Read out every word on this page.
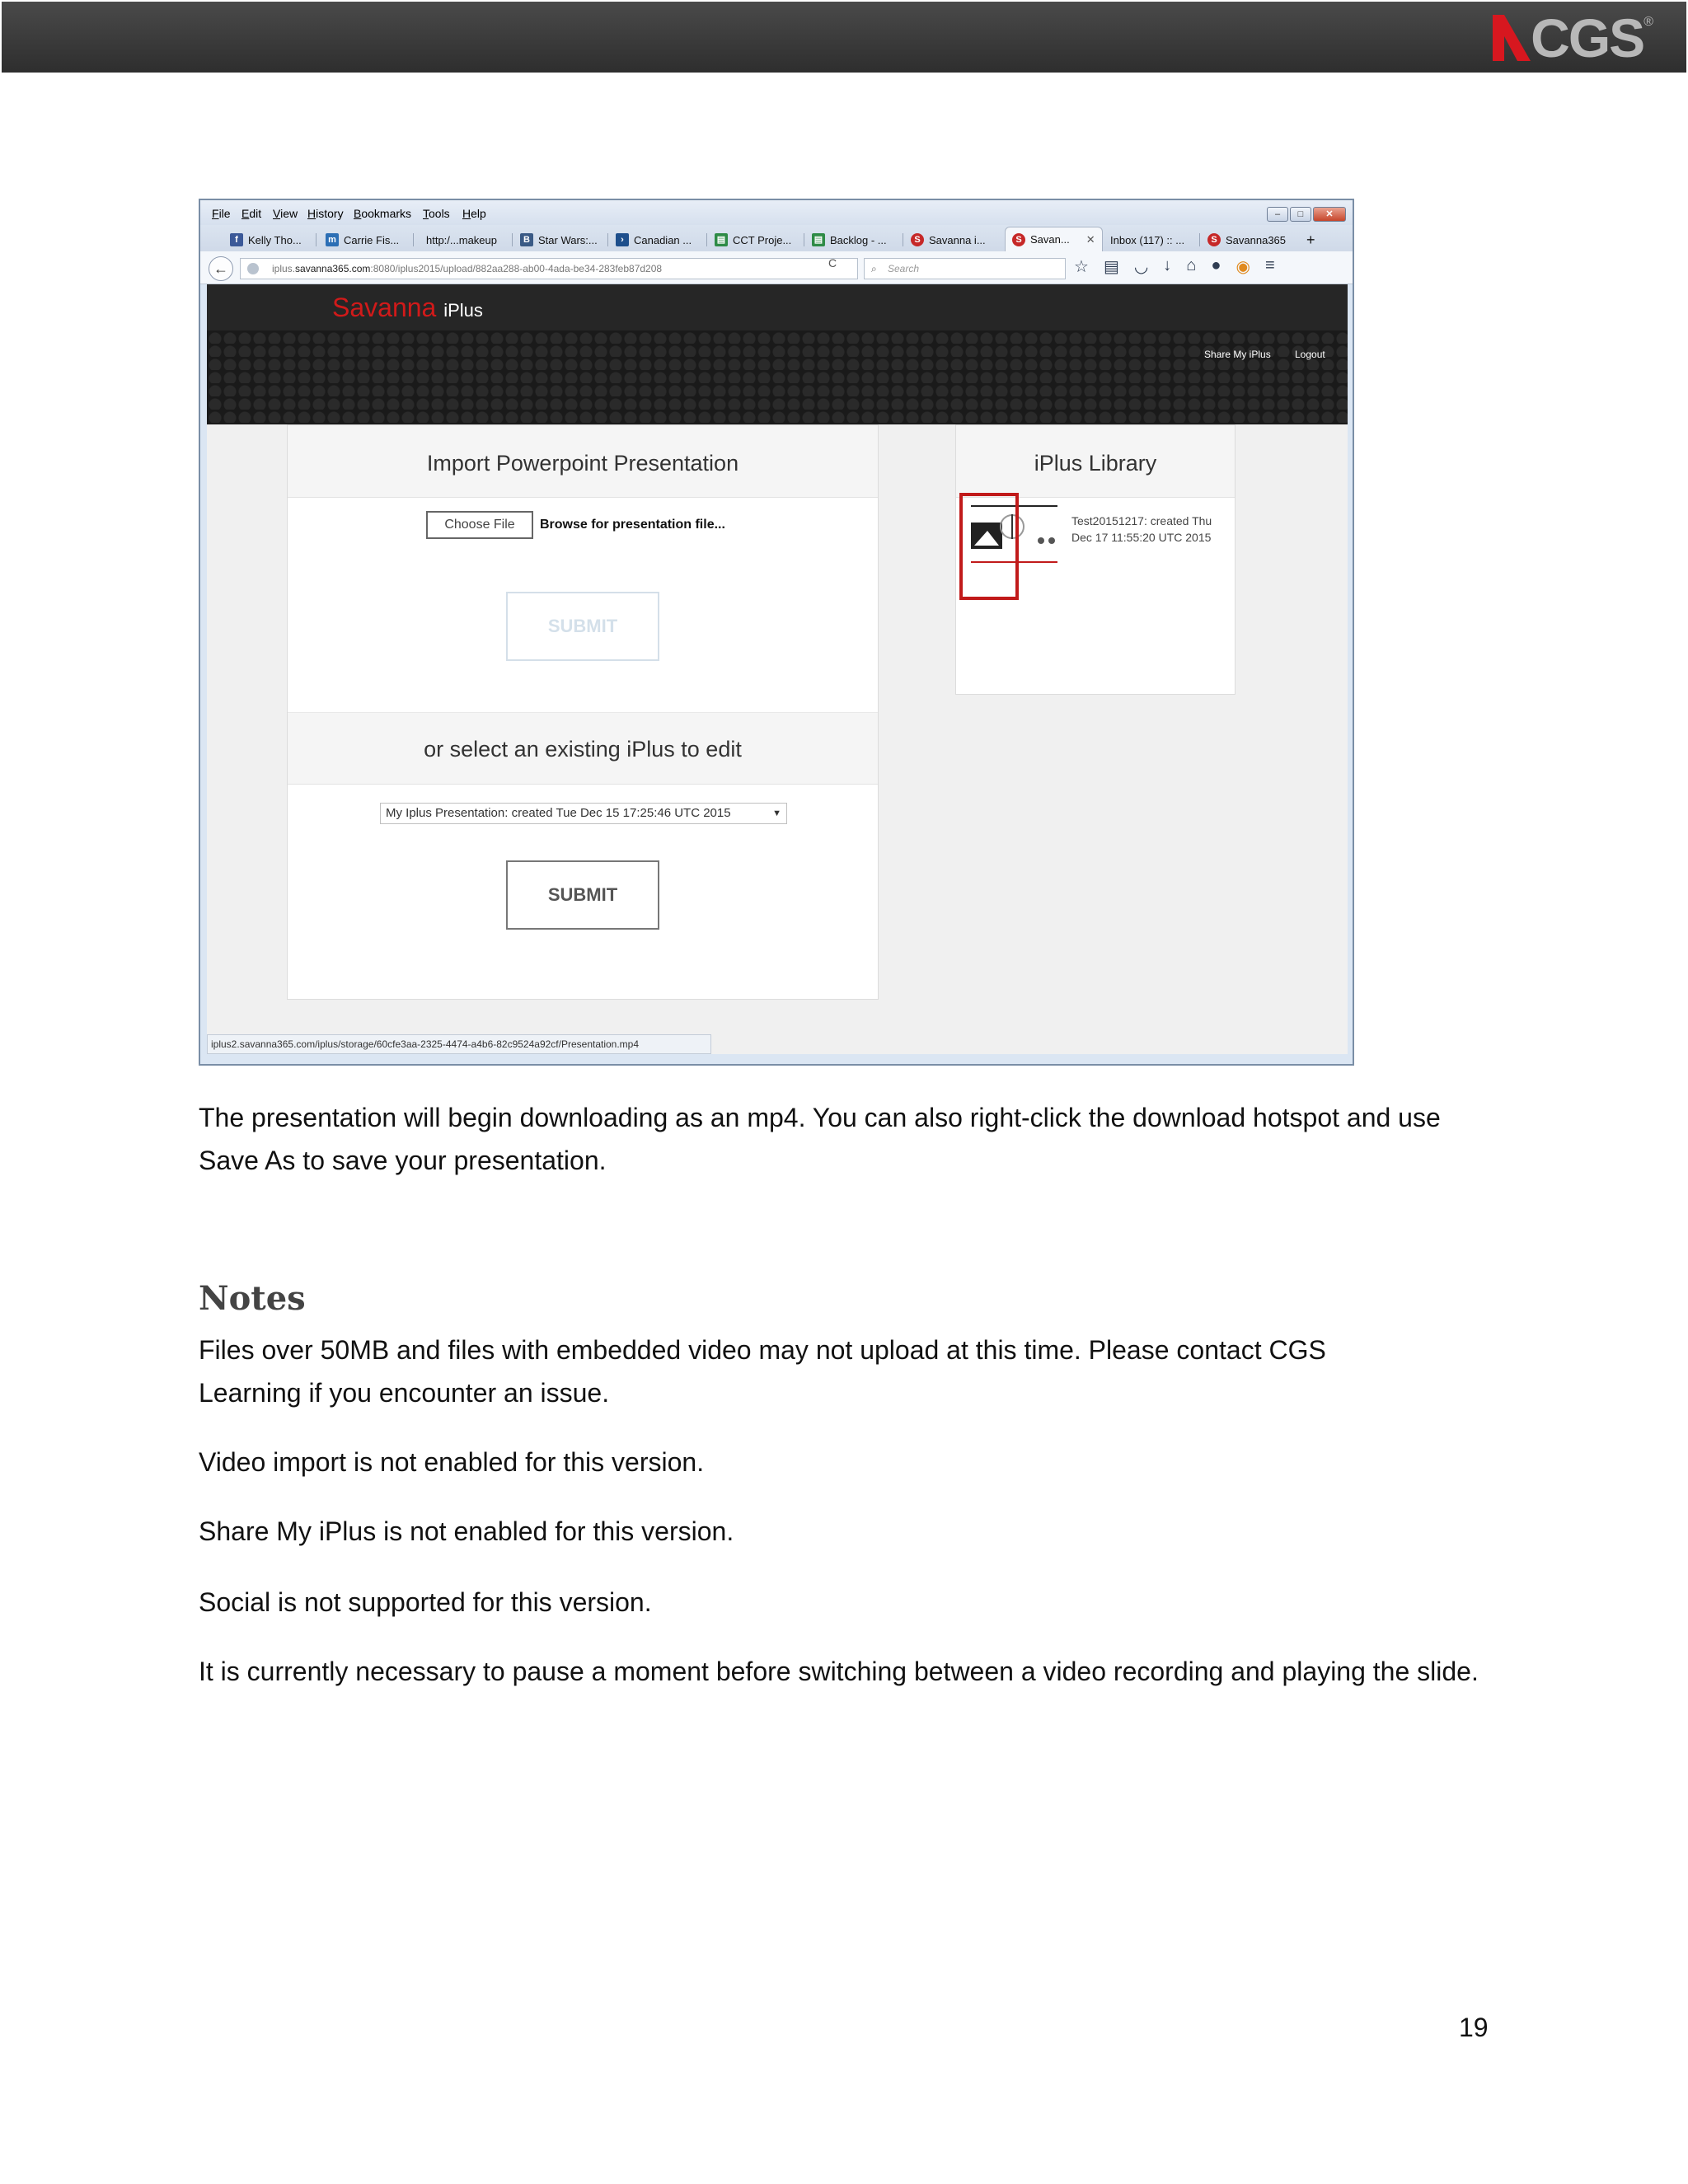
CGS ®
File Edit View History Bookmarks Tools Help	–	□	✕
f Kelly Tho...	m Carrie Fis...	http:/...makeup	B Star Wars:...	› Canadian ...	▤ CCT Proje...	▤ Backlog - ...	S Savanna i...	S Savan... ✕ Inbox (117) :: ...	S Savanna365 +
←	iplus.savanna365.com:8080/iplus2015/upload/882aa288-ab00-4ada-be34-283feb87d208	C	⌕ Search	☆ ▤ ◡ ↓ ⌂ ● ◉ ≡
Savanna iPlus
Share My iPlus Logout
Import Powerpoint Presentation
Choose File	Browse for presentation file...
SUBMIT
or select an existing iPlus to edit
My Iplus Presentation: created Tue Dec 15 17:25:46 UTC 2015	▼
SUBMIT
iPlus Library
Test20151217: created Thu Dec 17 11:55:20 UTC 2015
iplus2.savanna365.com/iplus/storage/60cfe3aa-2325-4474-a4b6-82c9524a92cf/Presentation.mp4

The presentation will begin downloading as an mp4. You can also right-click the download hotspot and use Save As to save your presentation.

Notes

Files over 50MB and files with embedded video may not upload at this time. Please contact CGS Learning if you encounter an issue.

Video import is not enabled for this version.

Share My iPlus is not enabled for this version.

Social is not supported for this version.

It is currently necessary to pause a moment before switching between a video recording and playing the slide.

19
